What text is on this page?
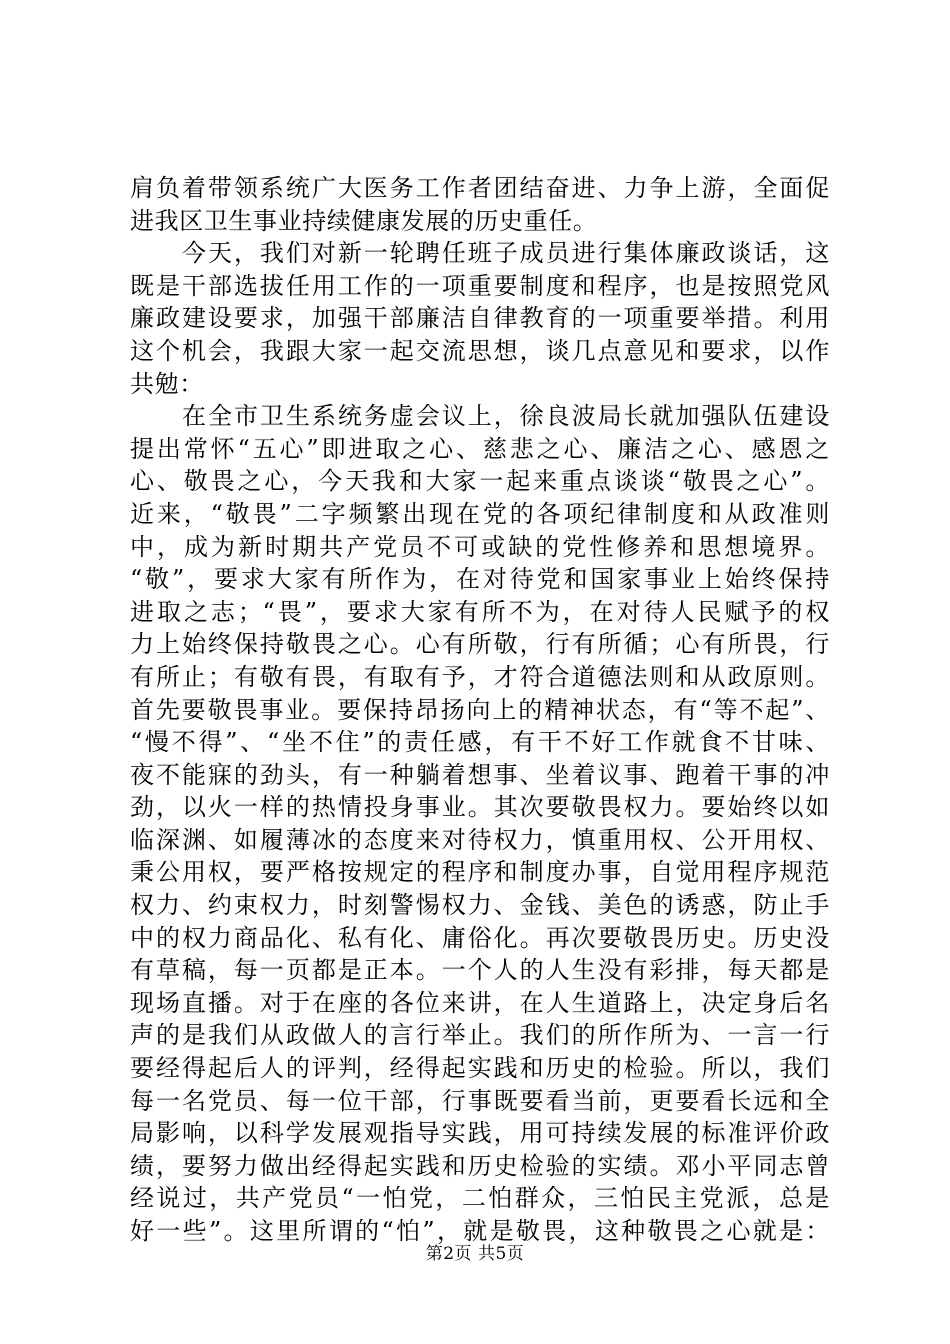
肩负着带领系统广大医务工作者团结奋进、力争上游，全面促
进我区卫生事业持续健康发展的历史重任。
今天，我们对新一轮聘任班子成员进行集体廉政谈话，这
既是干部选拔任用工作的一项重要制度和程序，也是按照党风
廉政建设要求，加强干部廉洁自律教育的一项重要举措。利用
这个机会，我跟大家一起交流思想，谈几点意见和要求，以作
共勉：
在全市卫生系统务虚会议上，徐良波局长就加强队伍建设
提出常怀“五心”即进取之心、慈悲之心、廉洁之心、感恩之
心、敬畏之心，今天我和大家一起来重点谈谈“敬畏之心”。
近来，“敬畏”二字频繁出现在党的各项纪律制度和从政准则
中，成为新时期共产党员不可或缺的党性修养和思想境界。
“敬”，要求大家有所作为，在对待党和国家事业上始终保持
进取之志；“畏”，要求大家有所不为，在对待人民赋予的权
力上始终保持敬畏之心。心有所敬，行有所循；心有所畏，行
有所止；有敬有畏，有取有予，才符合道德法则和从政原则。
首先要敬畏事业。要保持昂扬向上的精神状态，有“等不起”、
“慢不得”、“坐不住”的责任感，有干不好工作就食不甘味、
夜不能寐的劲头，有一种躺着想事、坐着议事、跑着干事的冲
劲，以火一样的热情投身事业。其次要敬畏权力。要始终以如
临深渊、如履薄冰的态度来对待权力，慎重用权、公开用权、
秉公用权，要严格按规定的程序和制度办事，自觉用程序规范
权力、约束权力，时刻警惕权力、金钱、美色的诱惑，防止手
中的权力商品化、私有化、庸俗化。再次要敬畏历史。历史没
有草稿，每一页都是正本。一个人的人生没有彩排，每天都是
现场直播。对于在座的各位来讲，在人生道路上，决定身后名
声的是我们从政做人的言行举止。我们的所作所为、一言一行
要经得起后人的评判，经得起实践和历史的检验。所以，我们
每一名党员、每一位干部，行事既要看当前，更要看长远和全
局影响，以科学发展观指导实践，用可持续发展的标准评价政
绩，要努力做出经得起实践和历史检验的实绩。邓小平同志曾
经说过，共产党员“一怕党，二怕群众，三怕民主党派，总是
好一些”。这里所谓的“怕”，就是敬畏，这种敬畏之心就是：
第2页 共5页
